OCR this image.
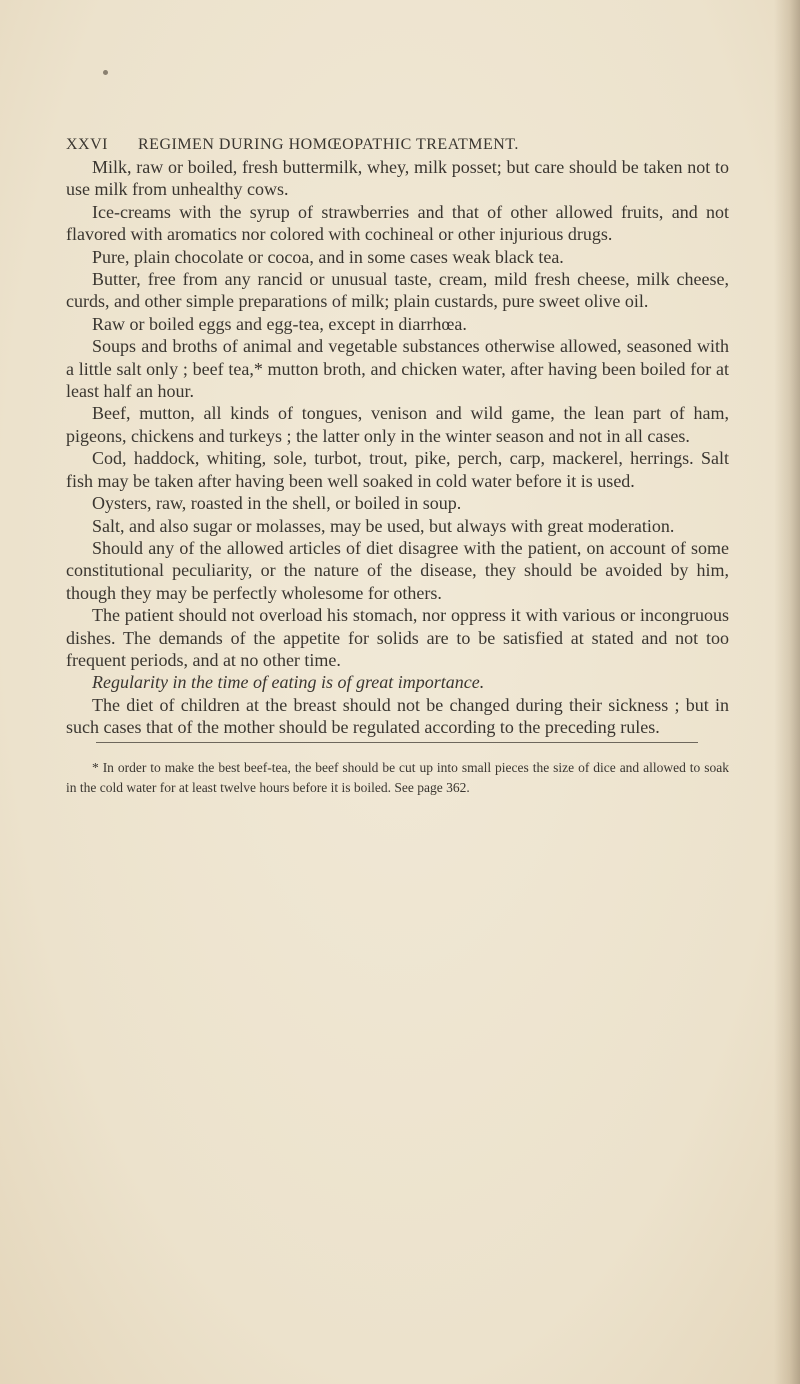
XXVI REGIMEN DURING HOMŒOPATHIC TREATMENT.

Milk, raw or boiled, fresh buttermilk, whey, milk posset; but care should be taken not to use milk from unhealthy cows.

Ice-creams with the syrup of strawberries and that of other allowed fruits, and not flavored with aromatics nor colored with cochineal or other injurious drugs.

Pure, plain chocolate or cocoa, and in some cases weak black tea.

Butter, free from any rancid or unusual taste, cream, mild fresh cheese, milk cheese, curds, and other simple preparations of milk; plain custards, pure sweet olive oil.

Raw or boiled eggs and egg-tea, except in diarrhœa.

Soups and broths of animal and vegetable substances otherwise allowed, seasoned with a little salt only ; beef tea,* mutton broth, and chicken water, after having been boiled for at least half an hour.

Beef, mutton, all kinds of tongues, venison and wild game, the lean part of ham, pigeons, chickens and turkeys ; the latter only in the winter season and not in all cases.

Cod, haddock, whiting, sole, turbot, trout, pike, perch, carp, mackerel, herrings. Salt fish may be taken after having been well soaked in cold water before it is used.

Oysters, raw, roasted in the shell, or boiled in soup.

Salt, and also sugar or molasses, may be used, but always with great moderation.

Should any of the allowed articles of diet disagree with the patient, on account of some constitutional peculiarity, or the nature of the disease, they should be avoided by him, though they may be perfectly wholesome for others.

The patient should not overload his stomach, nor oppress it with various or incongruous dishes. The demands of the appetite for solids are to be satisfied at stated and not too frequent periods, and at no other time.

Regularity in the time of eating is of great importance.

The diet of children at the breast should not be changed during their sickness ; but in such cases that of the mother should be regulated according to the preceding rules.

* In order to make the best beef-tea, the beef should be cut up into small pieces the size of dice and allowed to soak in the cold water for at least twelve hours before it is boiled. See page 362.
